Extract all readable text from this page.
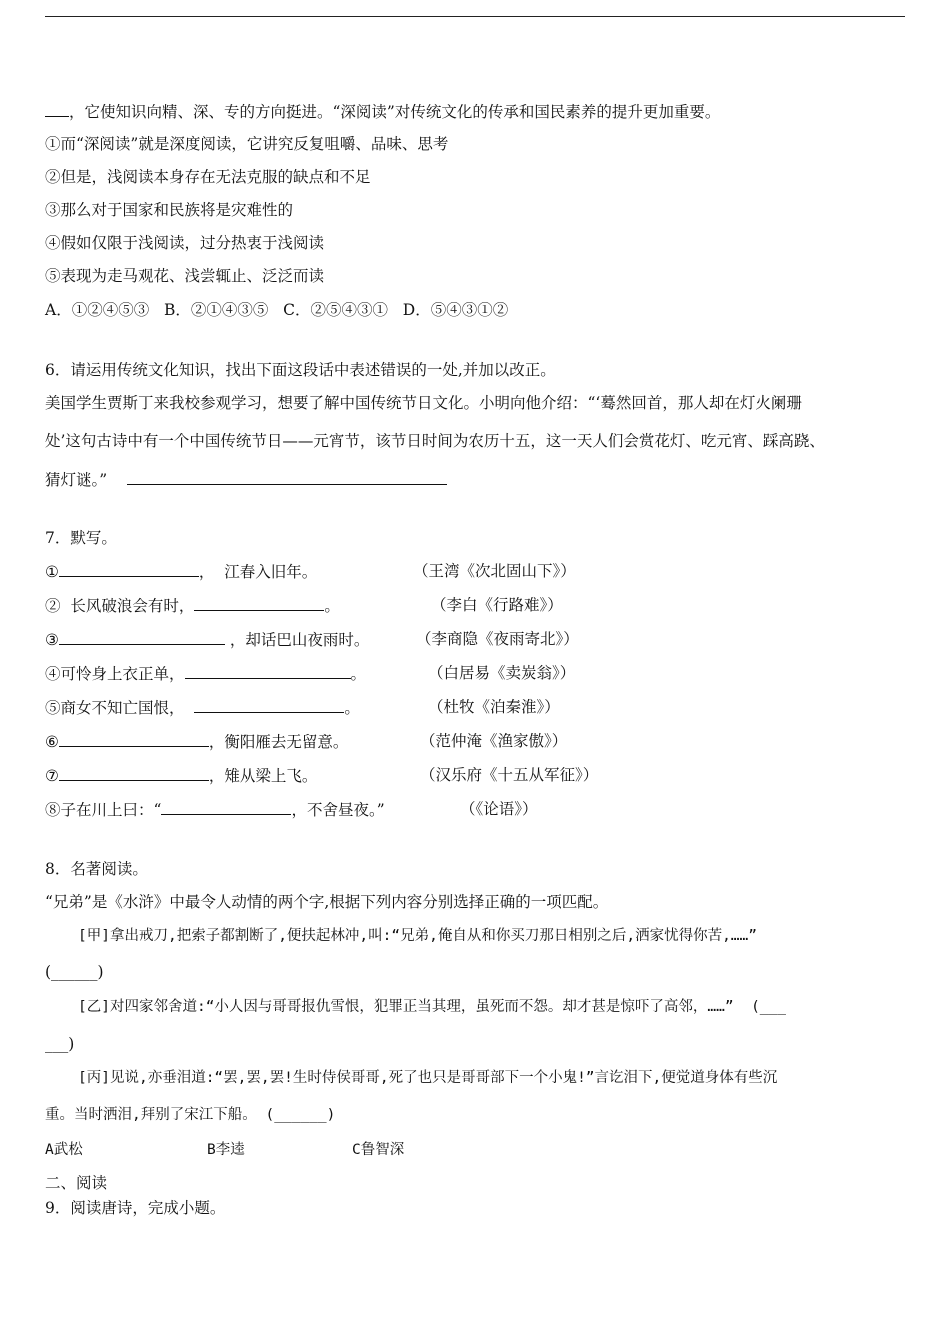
，它使知识向精、深、专的方向挺进。“深阅读”对传统文化的传承和国民素养的提升更加重要。
①而“深阅读”就是深度阅读，它讲究反复咀嚼、品味、思考
②但是，浅阅读本身存在无法克服的缺点和不足
③那么对于国家和民族将是灾难性的
④假如仅限于浅阅读，过分热衷于浅阅读
⑤表现为走马观花、浅尝辄止、泛泛而读
A．①②④⑤③   B．②①④③⑤   C．②⑤④③①   D．⑤④③①②
6．请运用传统文化知识，找出下面这段话中表述错误的一处,并加以改正。
美国学生贾斯丁来我校参观学习，想要了解中国传统节日文化。小明向他介绍：“‘蓦然回首，那人却在灯火阑珊
处’这句古诗中有一个中国传统节日——元宵节，该节日时间为农历十五，这一天人们会赏花灯、吃元宵、踩高跷、
猜灯谜。”
7．默写。
①	，  江春入旧年。	（王湾《次北固山下》）
②  长风破浪会有时，	。	（李白《行路难》）
③	，却话巴山夜雨时。	（李商隐《夜雨寄北》）
④可怜身上衣正单，	。	（白居易《卖炭翁》）
⑤商女不知亡国恨，	。	（杜牧《泊秦淮》）
⑥	，衡阳雁去无留意。	（范仲淹《渔家傲》）
⑦	，雉从梁上飞。	（汉乐府《十五从军征》）
⑧子在川上曰：“	，不舍昼夜。”	（《论语》）
8．名著阅读。
“兄弟”是《水浒》中最令人动情的两个字,根据下列内容分别选择正确的一项匹配。
[甲]拿出戒刀,把索子都割断了,便扶起林冲,叫:“兄弟,俺自从和你买刀那日相别之后,洒家忧得你苦,……”
(______)
[乙]对四家邻舍道:“小人因与哥哥报仇雪恨，犯罪正当其理，虽死而不怨。却才甚是惊吓了高邻，……”  (___
___)
[丙]见说,亦垂泪道:“罢,罢,罢!生时侍侯哥哥,死了也只是哥哥部下一个小鬼!”言讫泪下,便觉道身体有些沉
重。当时洒泪,拜别了宋江下船。 (______)
A武松	B李逵	C鲁智深
二、阅读
9．阅读唐诗，完成小题。
